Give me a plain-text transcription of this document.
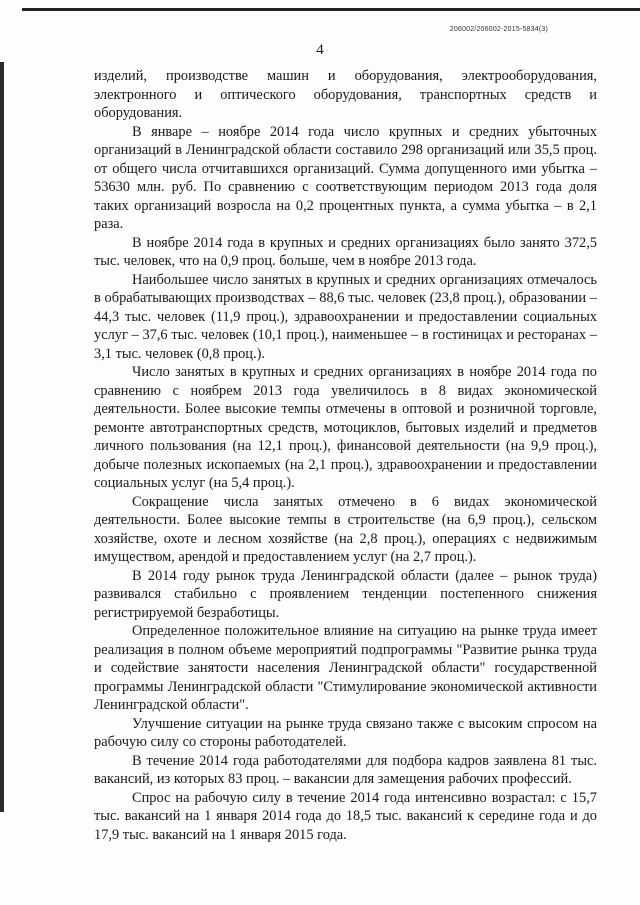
206002/206002-2015-5834(3)
4

изделий, производстве машин и оборудования, электрооборудования, электронного и оптического оборудования, транспортных средств и оборудования.

В январе – ноябре 2014 года число крупных и средних убыточных организаций в Ленинградской области составило 298 организаций или 35,5 проц. от общего числа отчитавшихся организаций. Сумма допущенного ими убытка – 53630 млн. руб. По сравнению с соответствующим периодом 2013 года доля таких организаций возросла на 0,2 процентных пункта, а сумма убытка – в 2,1 раза.

В ноябре 2014 года в крупных и средних организациях было занято 372,5 тыс. человек, что на 0,9 проц. больше, чем в ноябре 2013 года.

Наибольшее число занятых в крупных и средних организациях отмечалось в обрабатывающих производствах – 88,6 тыс. человек (23,8 проц.), образовании – 44,3 тыс. человек (11,9 проц.), здравоохранении и предоставлении социальных услуг – 37,6 тыс. человек (10,1 проц.), наименьшее – в гостиницах и ресторанах – 3,1 тыс. человек (0,8 проц.).

Число занятых в крупных и средних организациях в ноябре 2014 года по сравнению с ноябрем 2013 года увеличилось в 8 видах экономической деятельности. Более высокие темпы отмечены в оптовой и розничной торговле, ремонте автотранспортных средств, мотоциклов, бытовых изделий и предметов личного пользования (на 12,1 проц.), финансовой деятельности (на 9,9 проц.), добыче полезных ископаемых (на 2,1 проц.), здравоохранении и предоставлении социальных услуг (на 5,4 проц.).

Сокращение числа занятых отмечено в 6 видах экономической деятельности. Более высокие темпы в строительстве (на 6,9 проц.), сельском хозяйстве, охоте и лесном хозяйстве (на 2,8 проц.), операциях с недвижимым имуществом, арендой и предоставлением услуг (на 2,7 проц.).

В 2014 году рынок труда Ленинградской области (далее – рынок труда) развивался стабильно с проявлением тенденции постепенного снижения регистрируемой безработицы.

Определенное положительное влияние на ситуацию на рынке труда имеет реализация в полном объеме мероприятий подпрограммы "Развитие рынка труда и содействие занятости населения Ленинградской области" государственной программы Ленинградской области "Стимулирование экономической активности Ленинградской области".

Улучшение ситуации на рынке труда связано также с высоким спросом на рабочую силу со стороны работодателей.

В течение 2014 года работодателями для подбора кадров заявлена 81 тыс. вакансий, из которых 83 проц. – вакансии для замещения рабочих профессий.

Спрос на рабочую силу в течение 2014 года интенсивно возрастал: с 15,7 тыс. вакансий на 1 января 2014 года до 18,5 тыс. вакансий к середине года и до 17,9 тыс. вакансий на 1 января 2015 года.
